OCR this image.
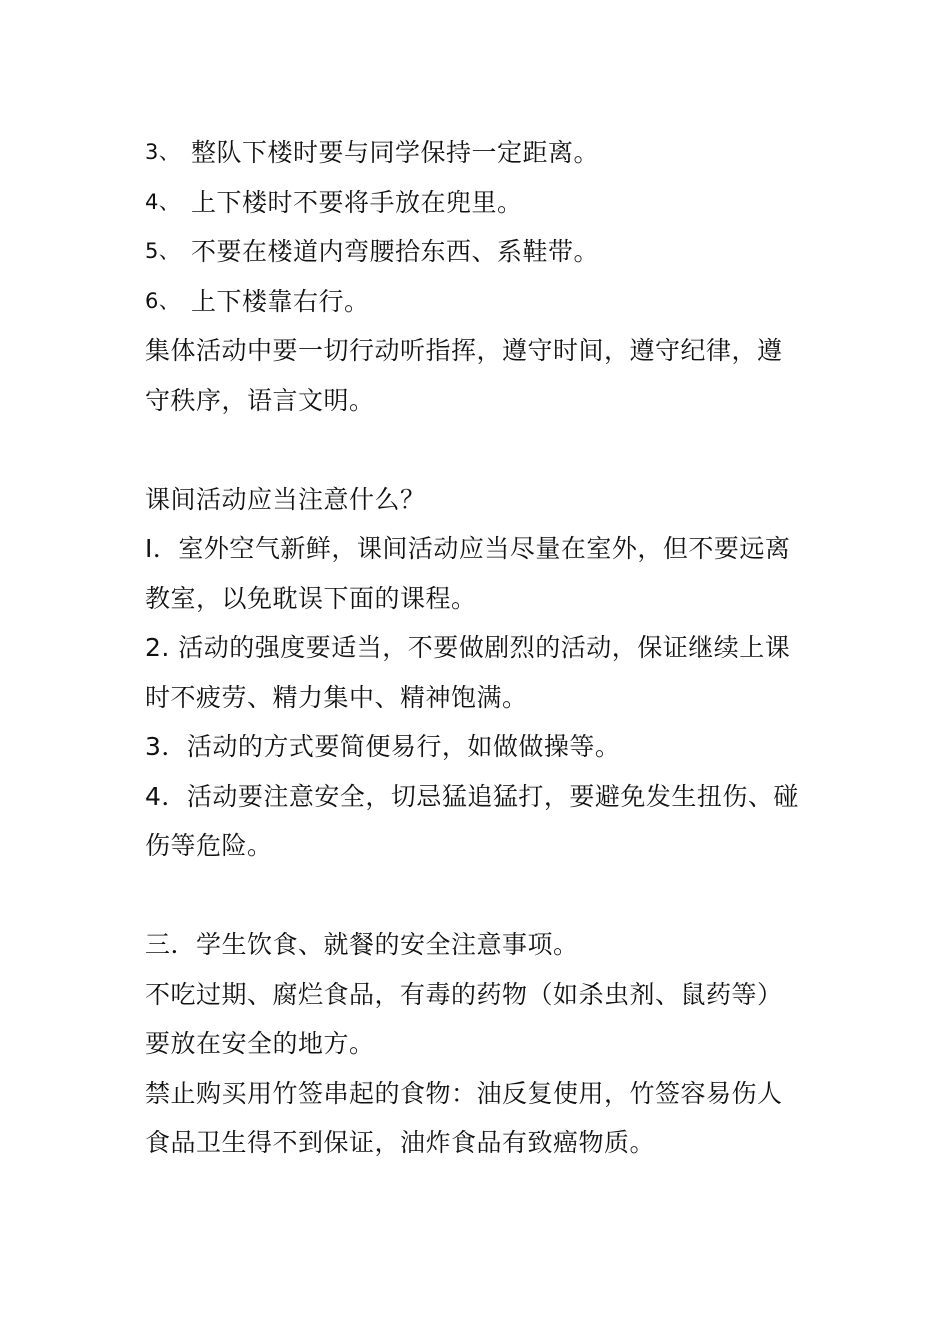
3、 整队下楼时要与同学保持一定距离。
4、 上下楼时不要将手放在兜里。
5、 不要在楼道内弯腰拾东西、系鞋带。
6、 上下楼靠右行。
集体活动中要一切行动听指挥，遵守时间，遵守纪律，遵
守秩序，语言文明。
课间活动应当注意什么？
I．室外空气新鲜，课间活动应当尽量在室外，但不要远离
教室，以免耽误下面的课程。
2. 活动的强度要适当，不要做剧烈的活动，保证继续上课
时不疲劳、精力集中、精神饱满。
3．活动的方式要简便易行，如做做操等。
4．活动要注意安全，切忌猛追猛打，要避免发生扭伤、碰
伤等危险。
三．学生饮食、就餐的安全注意事项。
不吃过期、腐烂食品，有毒的药物（如杀虫剂、鼠药等）
要放在安全的地方。
禁止购买用竹签串起的食物：油反复使用，竹签容易伤人
食品卫生得不到保证，油炸食品有致癌物质。
